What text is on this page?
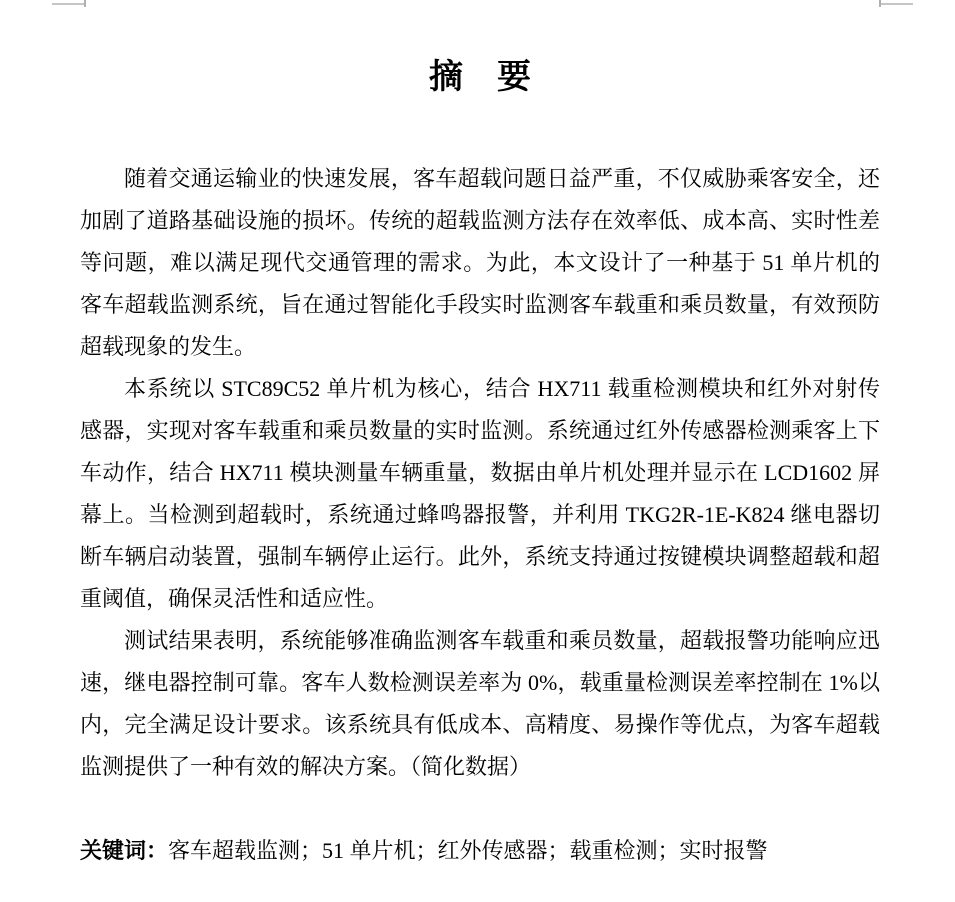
摘　要

随着交通运输业的快速发展，客车超载问题日益严重，不仅威胁乘客安全，还加剧了道路基础设施的损坏。传统的超载监测方法存在效率低、成本高、实时性差等问题，难以满足现代交通管理的需求。为此，本文设计了一种基于 51 单片机的客车超载监测系统，旨在通过智能化手段实时监测客车载重和乘员数量，有效预防超载现象的发生。

本系统以 STC89C52 单片机为核心，结合 HX711 载重检测模块和红外对射传感器，实现对客车载重和乘员数量的实时监测。系统通过红外传感器检测乘客上下车动作，结合 HX711 模块测量车辆重量，数据由单片机处理并显示在 LCD1602 屏幕上。当检测到超载时，系统通过蜂鸣器报警，并利用 TKG2R-1E-K824 继电器切断车辆启动装置，强制车辆停止运行。此外，系统支持通过按键模块调整超载和超重阈值，确保灵活性和适应性。

测试结果表明，系统能够准确监测客车载重和乘员数量，超载报警功能响应迅速，继电器控制可靠。客车人数检测误差率为 0%，载重量检测误差率控制在 1%以内，完全满足设计要求。该系统具有低成本、高精度、易操作等优点，为客车超载监测提供了一种有效的解决方案。（简化数据）

关键词：客车超载监测；51 单片机；红外传感器；载重检测；实时报警
